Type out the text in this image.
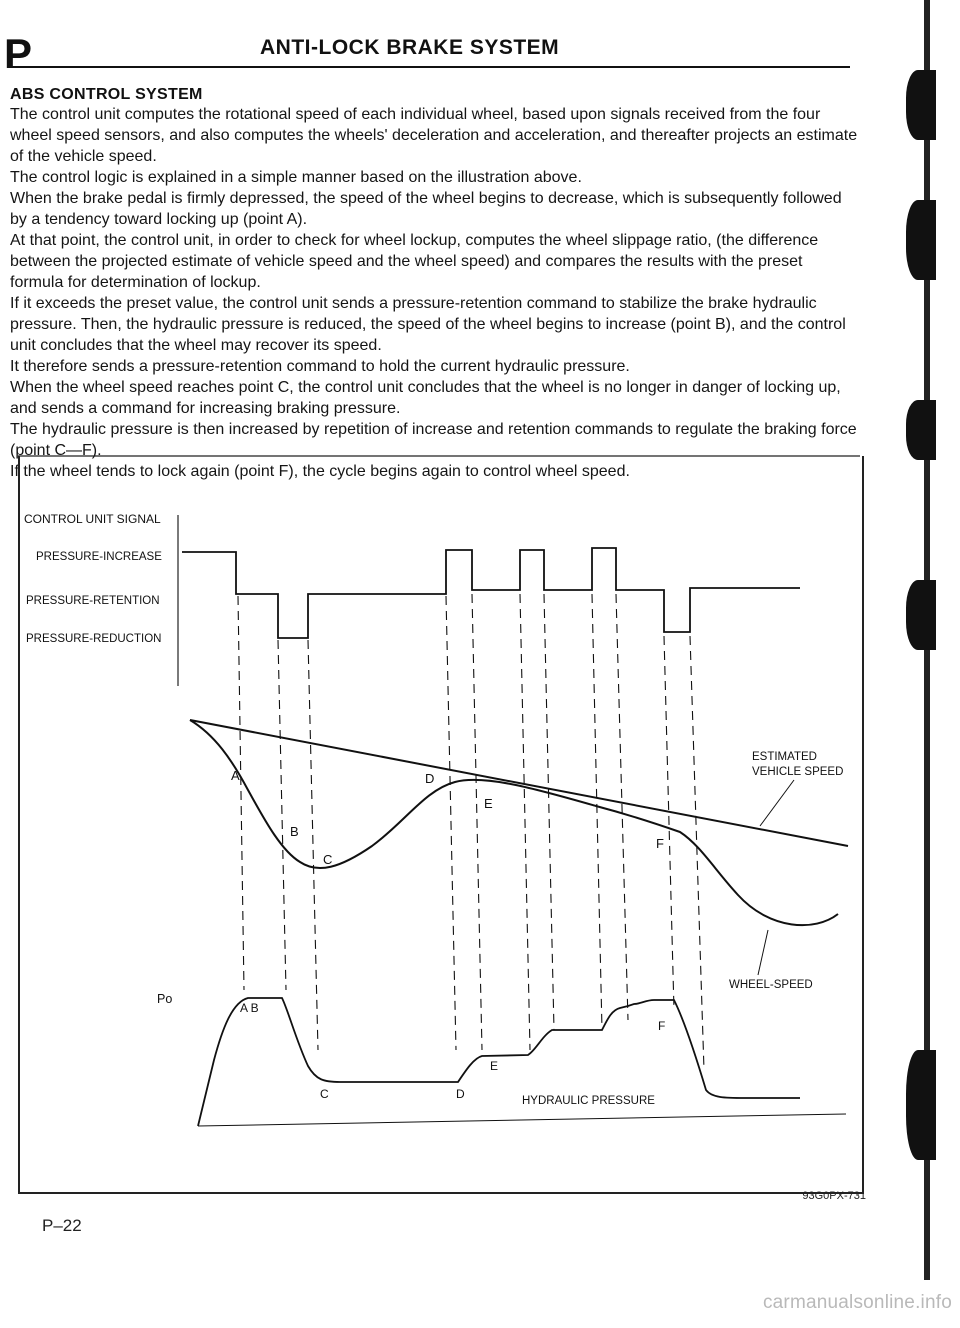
P	ANTI-LOCK BRAKE SYSTEM
ABS CONTROL SYSTEM

The control unit computes the rotational speed of each individual wheel, based upon signals received from the four wheel speed sensors, and also computes the wheels' deceleration and acceleration, and thereafter projects an estimate of the vehicle speed.

The control logic is explained in a simple manner based on the illustration above.

When the brake pedal is firmly depressed, the speed of the wheel begins to decrease, which is subsequently followed by a tendency toward locking up (point A).

At that point, the control unit, in order to check for wheel lockup, computes the wheel slippage ratio, (the difference between the projected estimate of vehicle speed and the wheel speed) and compares the results with the preset formula for determination of lockup.

If it exceeds the preset value, the control unit sends a pressure-retention command to stabilize the brake hydraulic pressure. Then, the hydraulic pressure is reduced, the speed of the wheel begins to increase (point B), and the control unit concludes that the wheel may recover its speed.

It therefore sends a pressure-retention command to hold the current hydraulic pressure.

When the wheel speed reaches point C, the control unit concludes that the wheel is no longer in danger of locking up, and sends a command for increasing braking pressure.

The hydraulic pressure is then increased by repetition of increase and retention commands to regulate the braking force (point C—F).

If the wheel tends to lock again (point F), the cycle begins again to control wheel speed.

CONTROL UNIT SIGNAL
PRESSURE-INCREASE
PRESSURE-RETENTION
PRESSURE-REDUCTION
ESTIMATED
VEHICLE SPEED
A
B
C
D
E
F
WHEEL-SPEED
Po
A B
C	D
E
F
HYDRAULIC PRESSURE
93G0PX-731
P–22
carmanualsonline.info
